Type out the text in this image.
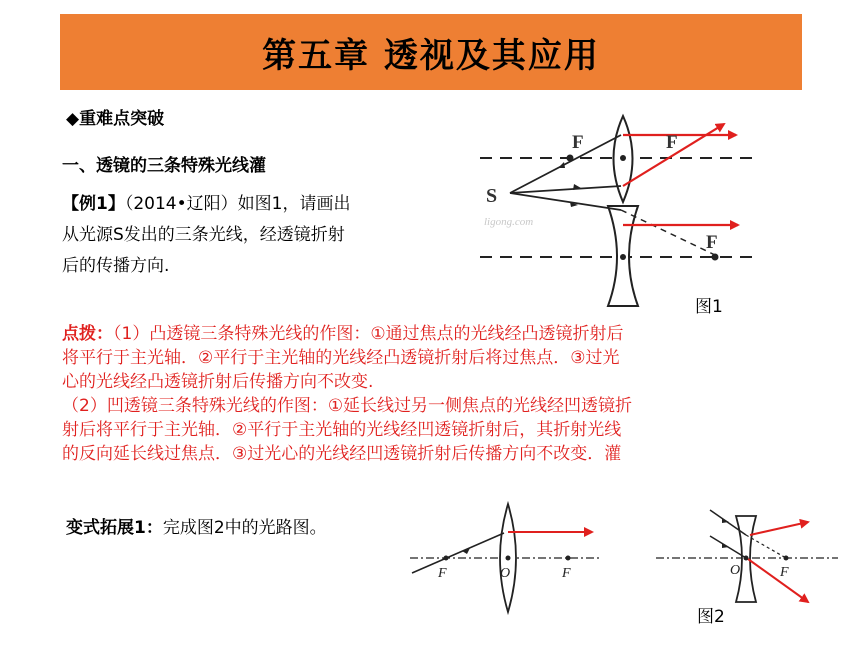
第五章 透视及其应用
◆重难点突破
一、透镜的三条特殊光线灌
【例1】（2014•辽阳）如图1，请画出
从光源S发出的三条光线，经透镜折射
后的传播方向.
ligong.com
S
F	F
F
图1
点拨：（1）凸透镜三条特殊光线的作图：①通过焦点的光线经凸透镜折射后
将平行于主光轴．②平行于主光轴的光线经凸透镜折射后将过焦点．③过光
心的光线经凸透镜折射后传播方向不改变.
（2）凹透镜三条特殊光线的作图：①延长线过另一侧焦点的光线经凹透镜折
射后将平行于主光轴．②平行于主光轴的光线经凹透镜折射后，其折射光线
的反向延长线过焦点．③过光心的光线经凹透镜折射后传播方向不改变．灌
变式拓展1：完成图2中的光路图。
F	O	F	O	F
图2
